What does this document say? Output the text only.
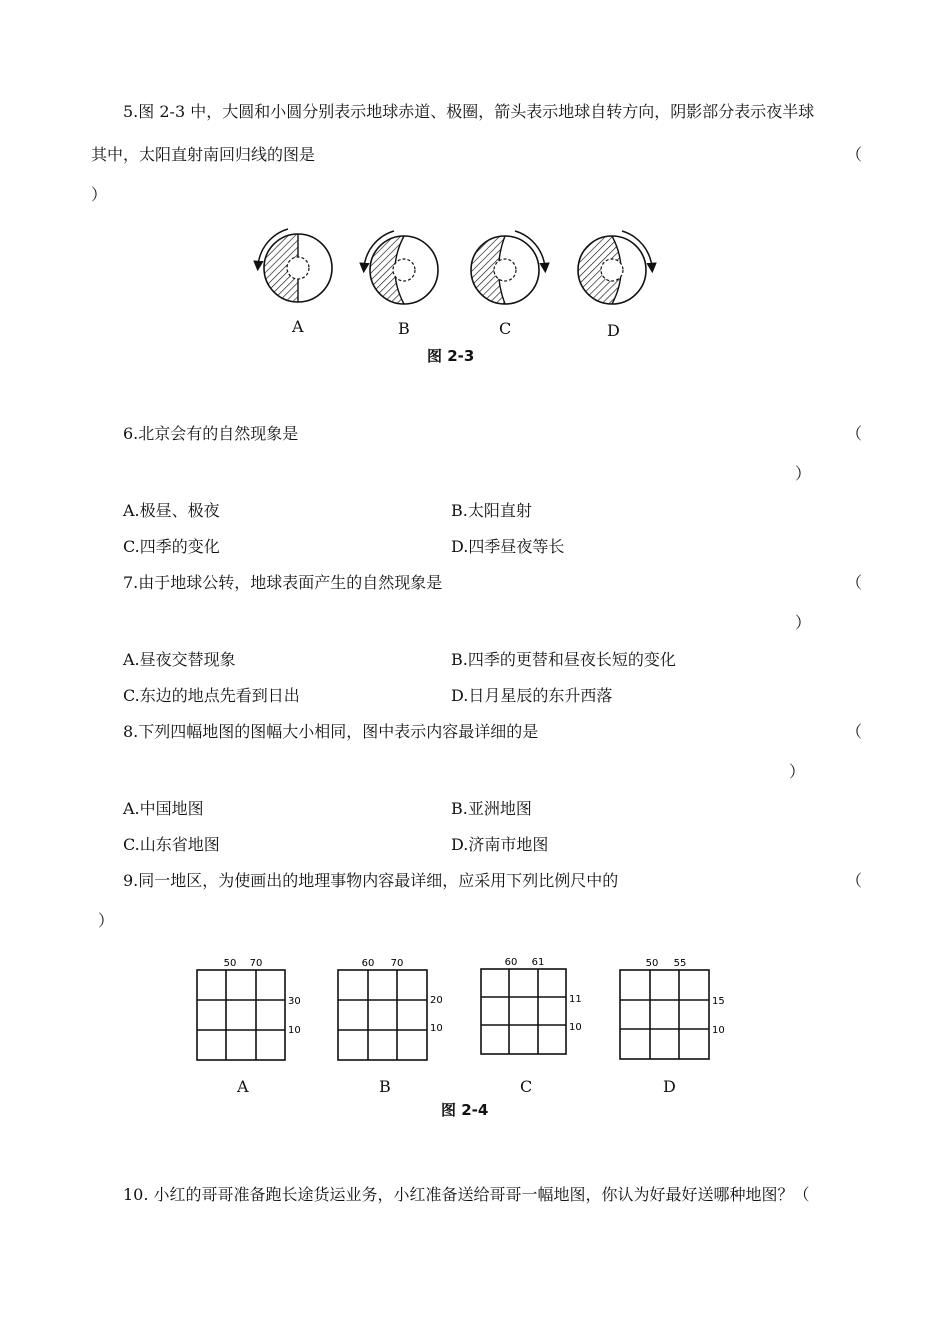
5.图 2-3 中，大圆和小圆分别表示地球赤道、极圈，箭头表示地球自转方向，阴影部分表示夜半球
其中，太阳直射南回归线的图是	（
）
A	B	C	D
图 2-3
6.北京会有的自然现象是	（
）
A.极昼、极夜	B.太阳直射
C.四季的变化	D.四季昼夜等长
7.由于地球公转，地球表面产生的自然现象是	（
）
A.昼夜交替现象	B.四季的更替和昼夜长短的变化
C.东边的地点先看到日出	D.日月星辰的东升西落
8.下列四幅地图的图幅大小相同，图中表示内容最详细的是	（
）
A.中国地图	B.亚洲地图
C.山东省地图	D.济南市地图
9.同一地区，为使画出的地理事物内容最详细，应采用下列比例尺中的	（
）
50 70
30
10
60 70
20
10
60 61
11
10
50 55
15
10
A	B	C	D
图 2-4
10. 小红的哥哥准备跑长途货运业务，小红准备送给哥哥一幅地图，你认为好最好送哪种地图？（
